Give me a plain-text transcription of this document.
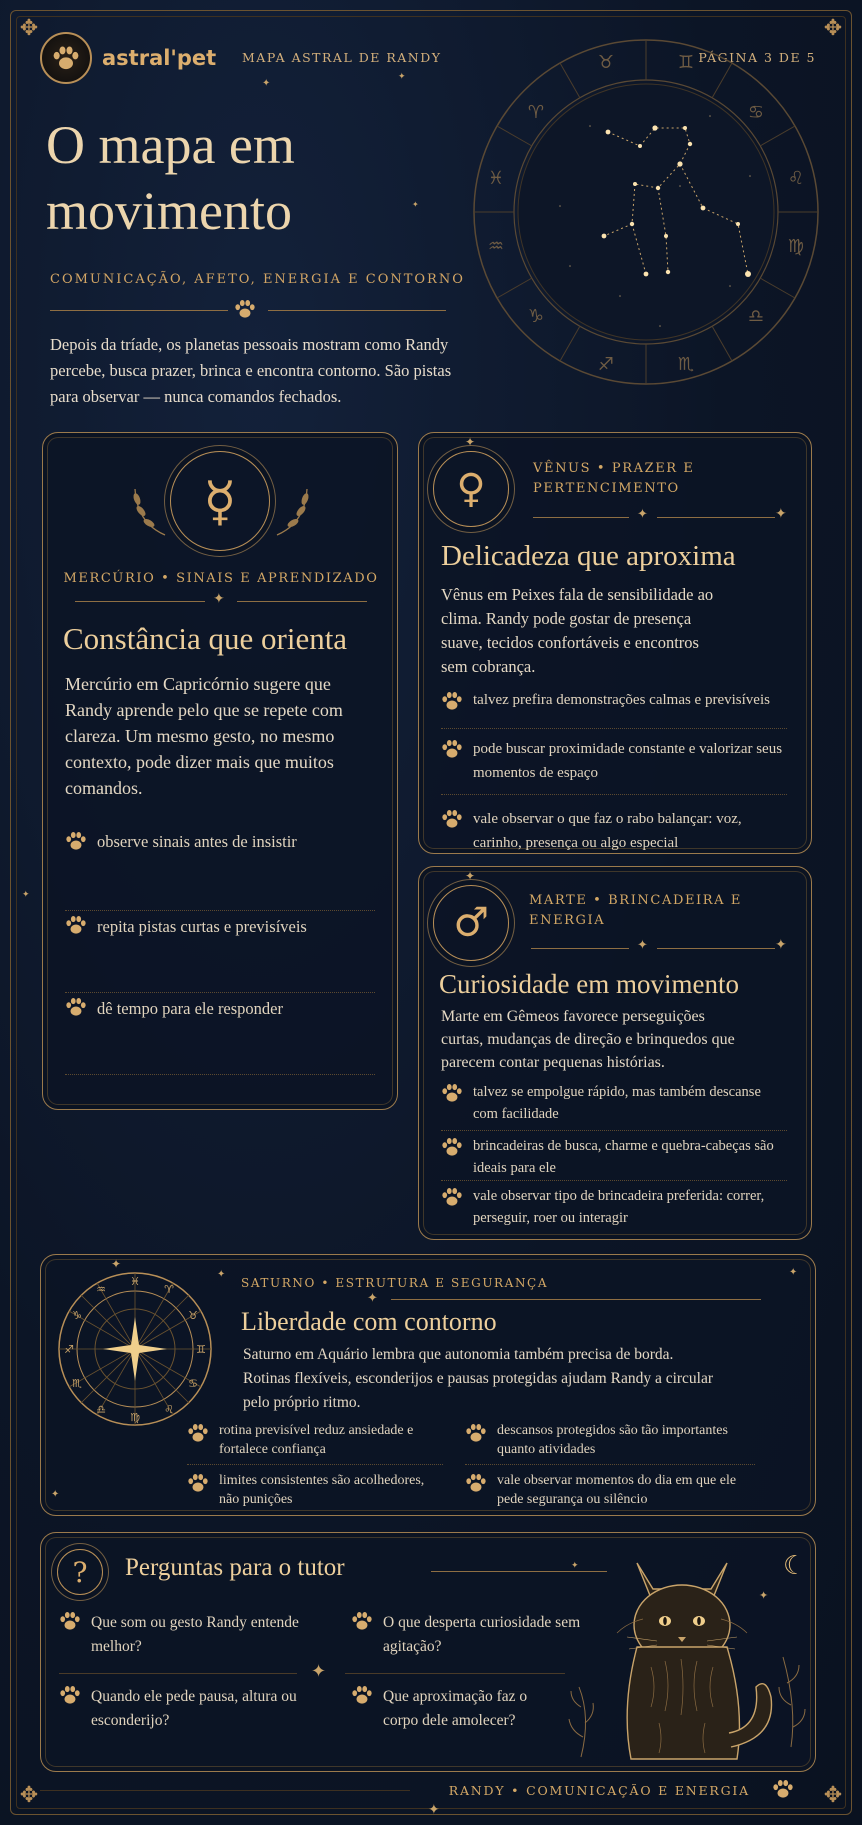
✥	✥
✥	✥
✦
✦
✦
✦
✦
astral'pet MAPA ASTRAL DE RANDY	PÁGINA 3 DE 5
O mapa em
movimento
COMUNICAÇÃO, AFETO, ENERGIA E CONTORNO
Depois da tríade, os planetas pessoais mostram como Randy percebe, busca prazer, brinca e encontra contorno. São pistas para observar — nunca comandos fechados.
♊
♋
♌
♍
♎
♏
♐
♑
♒
♓
♈
♉
☿
MERCÚRIO • SINAIS E APRENDIZADO
✦
Constância que orienta
Mercúrio em Capricórnio sugere que Randy aprende pelo que se repete com clareza. Um mesmo gesto, no mesmo contexto, pode dizer mais que muitos comandos.
observe sinais antes de insistir
repita pistas curtas e previsíveis
dê tempo para ele responder
♀
✦
VÊNUS • PRAZER E PERTENCIMENTO
✦	✦
Delicadeza que aproxima
Vênus em Peixes fala de sensibilidade ao clima. Randy pode gostar de presença suave, tecidos confortáveis e encontros sem cobrança.
talvez prefira demonstrações calmas e previsíveis
pode buscar proximidade constante e valorizar seus momentos de espaço
vale observar o que faz o rabo balançar: voz, carinho, presença ou algo especial
♂
✦
MARTE • BRINCADEIRA E ENERGIA
✦	✦
Curiosidade em movimento
Marte em Gêmeos favorece perseguições curtas, mudanças de direção e brinquedos que parecem contar pequenas histórias.
talvez se empolgue rápido, mas também descanse com facilidade
brincadeiras de busca, charme e quebra-cabeças são ideais para ele
vale observar tipo de brincadeira preferida: correr, perseguir, roer ou interagir
♓
♈
♉
♊
♋
♌
♍
♎
♏
♐
♑
♒
✦
✦
SATURNO • ESTRUTURA E SEGURANÇA
✦
Liberdade com contorno
Saturno em Aquário lembra que autonomia também precisa de borda. Rotinas flexíveis, esconderijos e pausas protegidas ajudam Randy a circular pelo próprio ritmo.
rotina previsível reduz ansiedade e fortalece confiança
limites consistentes são acolhedores, não punições
descansos protegidos são tão importantes quanto atividades
vale observar momentos do dia em que ele pede segurança ou silêncio
✦
✦
?	Perguntas para o tutor
Que som ou gesto Randy entende melhor?
O que desperta curiosidade sem agitação?
✦
Quando ele pede pausa, altura ou esconderijo?
Que aproximação faz o corpo dele amolecer?
☾
✦
✦
RANDY • COMUNICAÇÃO E ENERGIA
